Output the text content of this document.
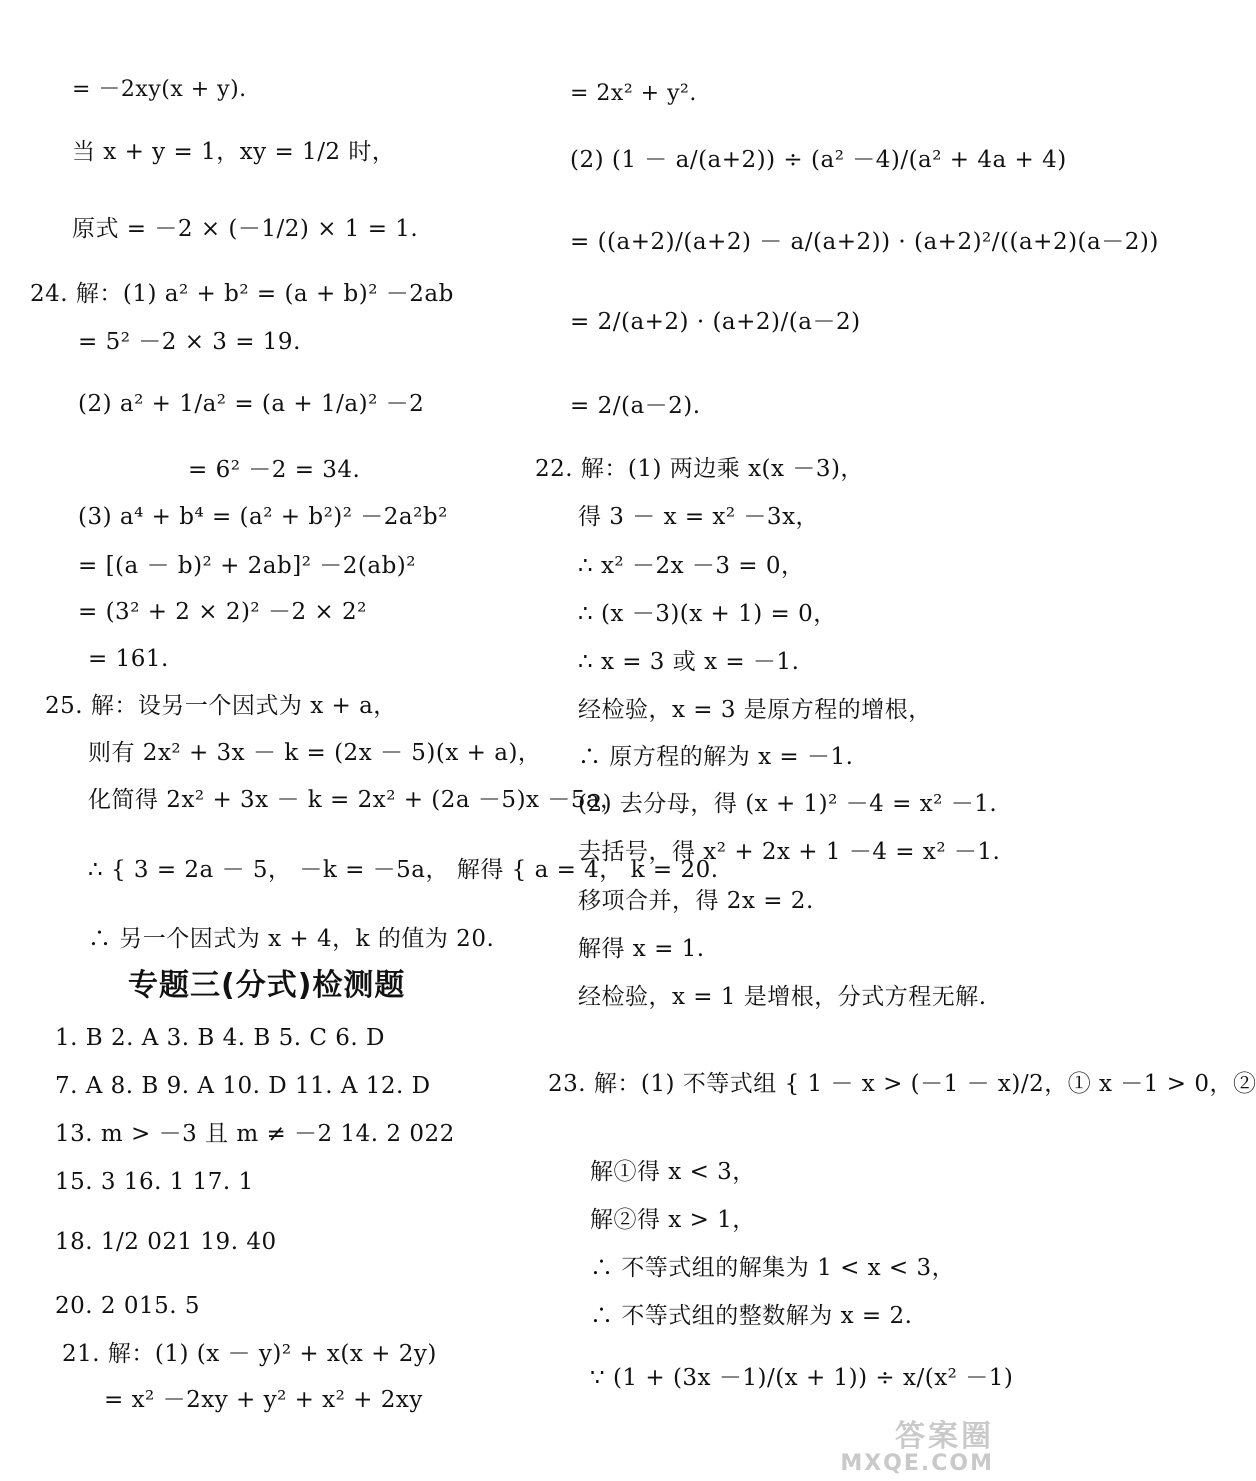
= －2xy(x + y).
当 x + y = 1，xy = 1/2 时，
原式 = －2 × (－1/2) × 1 = 1.
24. 解：(1) a² + b² = (a + b)² －2ab
= 5² －2 × 3 = 19.
(2) a² + 1/a² = (a + 1/a)² －2
= 6² －2 = 34.
(3) a⁴ + b⁴ = (a² + b²)² －2a²b²
= [(a － b)² + 2ab]² －2(ab)²
= (3² + 2 × 2)² －2 × 2²
= 161.
25. 解：设另一个因式为 x + a，
则有 2x² + 3x － k = (2x － 5)(x + a)，
化简得 2x² + 3x － k = 2x² + (2a －5)x －5a，
∴ { 3 = 2a － 5， －k = －5a， 解得 { a = 4， k = 20.
∴ 另一个因式为 x + 4，k 的值为 20.
专题三(分式)检测题
1. B 2. A 3. B 4. B 5. C 6. D
7. A 8. B 9. A 10. D 11. A 12. D
13. m > －3 且 m ≠ －2 14. 2 022
15. 3 16. 1 17. 1
18. 1/2 021 19. 40
20. 2 015. 5
21. 解：(1) (x － y)² + x(x + 2y)
= x² －2xy + y² + x² + 2xy
= 2x² + y².
(2) (1 － a/(a+2)) ÷ (a² －4)/(a² + 4a + 4)
= ((a+2)/(a+2) － a/(a+2)) · (a+2)²/((a+2)(a－2))
= 2/(a+2) · (a+2)/(a－2)
= 2/(a－2).
22. 解：(1) 两边乘 x(x －3)，
得 3 － x = x² －3x，
∴ x² －2x －3 = 0，
∴ (x －3)(x + 1) = 0，
∴ x = 3 或 x = －1.
经检验，x = 3 是原方程的增根，
∴ 原方程的解为 x = －1.
(2) 去分母，得 (x + 1)² －4 = x² －1.
去括号，得 x² + 2x + 1 －4 = x² －1.
移项合并，得 2x = 2.
解得 x = 1.
经检验，x = 1 是增根，分式方程无解.
23. 解：(1) 不等式组 { 1 － x > (－1 － x)/2，① x －1 > 0，②
解①得 x < 3，
解②得 x > 1，
∴ 不等式组的解集为 1 < x < 3，
∴ 不等式组的整数解为 x = 2.
∵ (1 + (3x －1)/(x + 1)) ÷ x/(x² －1)
答案圈
MXQE.COM
